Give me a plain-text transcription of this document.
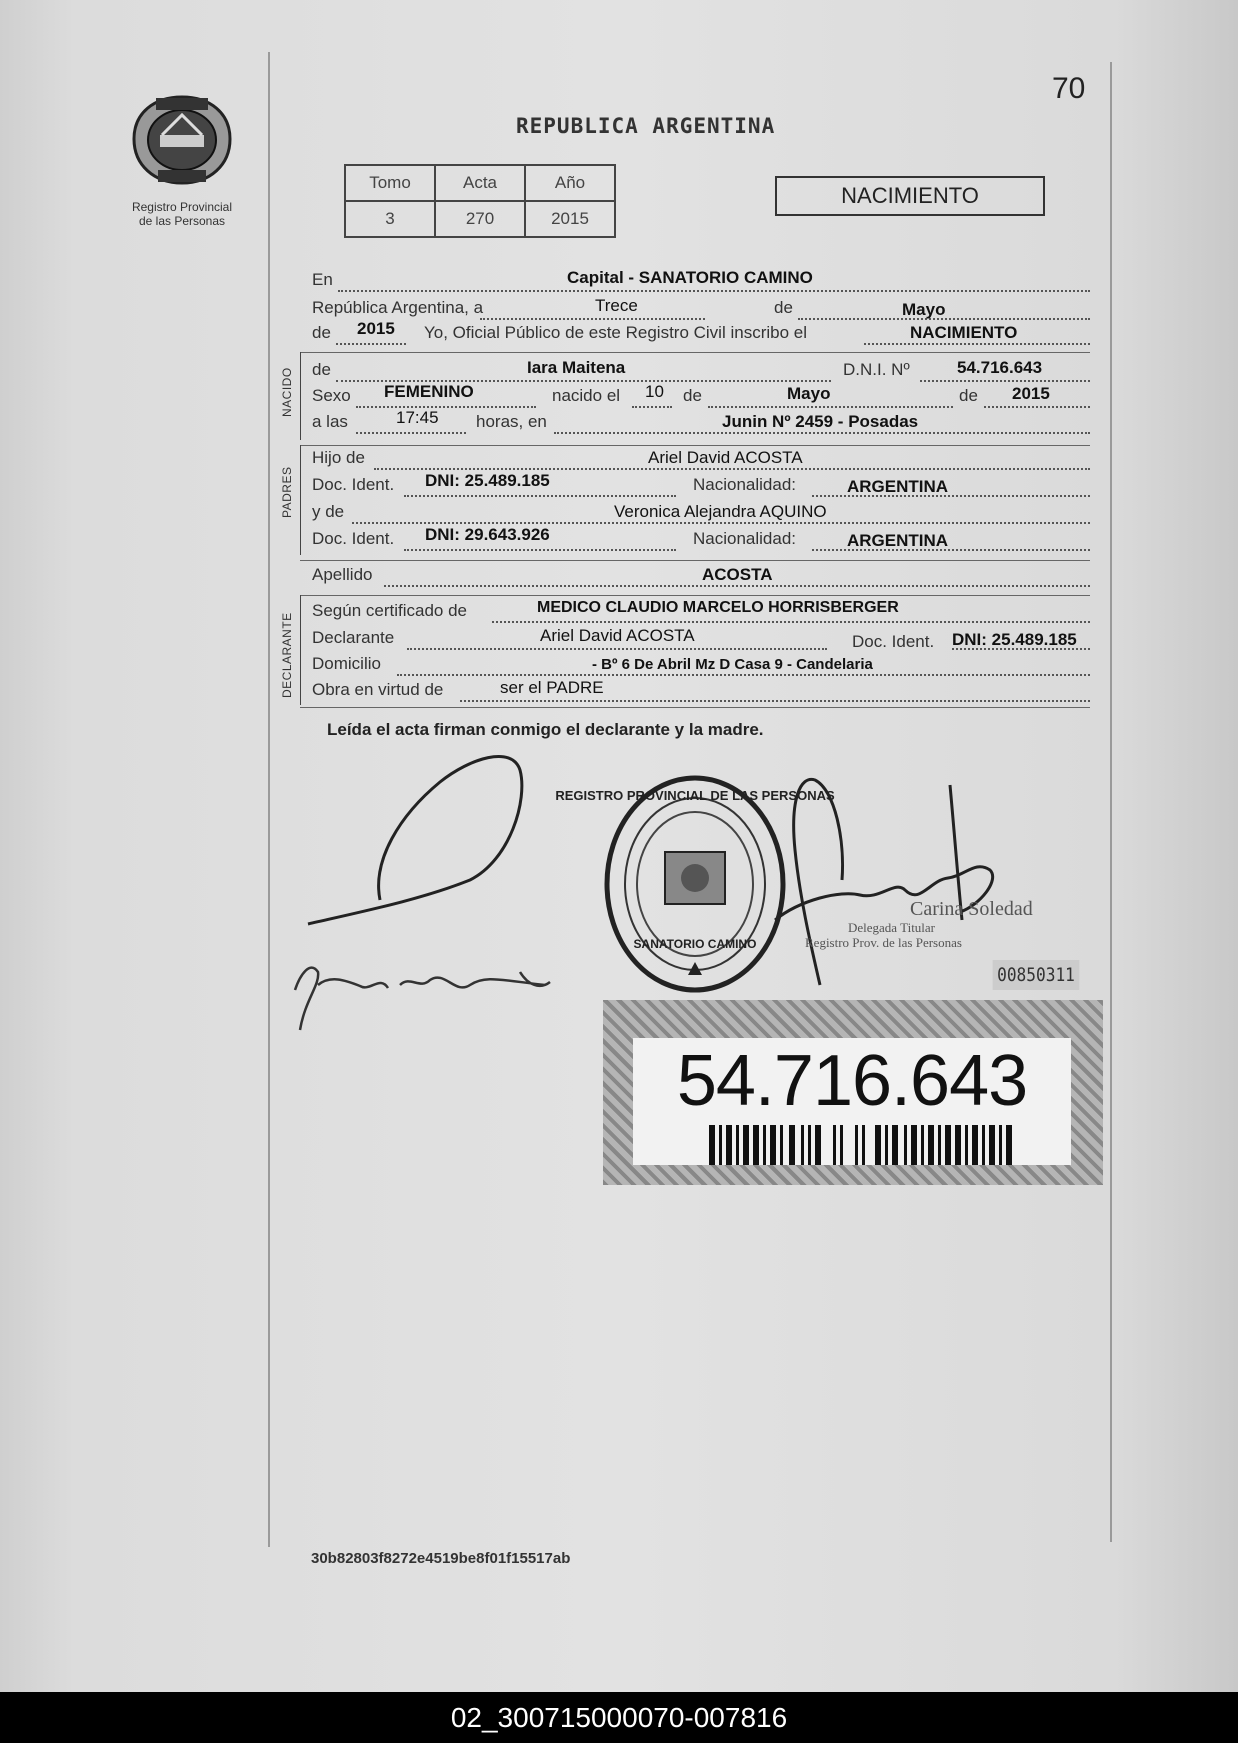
Registro Provincial
de las Personas
70
REPUBLICA ARGENTINA
Tomo	Acta	Año
3	270	2015
NACIMIENTO
En	Capital - SANATORIO CAMINO
República Argentina, a	Trece	de	Mayo
de 2015 Yo, Oficial Público de este Registro Civil inscribo el	NACIMIENTO
NACIDO de	Iara Maitena	D.N.I. Nº	54.716.643
Sexo FEMENINO	nacido el 10 de	Mayo	de 2015
a las	17:45 horas, en	Junin Nº 2459 - Posadas
PADRES
Hijo de	Ariel David ACOSTA
Doc. Ident. DNI: 25.489.185	Nacionalidad:	ARGENTINA
y de	Veronica Alejandra AQUINO
Doc. Ident. DNI: 29.643.926	Nacionalidad:	ARGENTINA
Apellido	ACOSTA
DECLARANTE
Según certificado de	MEDICO CLAUDIO MARCELO HORRISBERGER
Declarante	Ariel David ACOSTA	Doc. Ident. DNI: 25.489.185
Domicilio	- Bº 6 De Abril Mz D Casa 9 - Candelaria
Obra en virtud de	ser el PADRE
Leída el acta firman conmigo el declarante y la madre.
REGISTRO PROVINCIAL DE LAS PERSONAS
SANATORIO CAMINO
Carina Soledad
Delegada Titular
Registro Prov. de las Personas
00850311
54.716.643
30b82803f8272e4519be8f01f15517ab
02_300715000070-007816
